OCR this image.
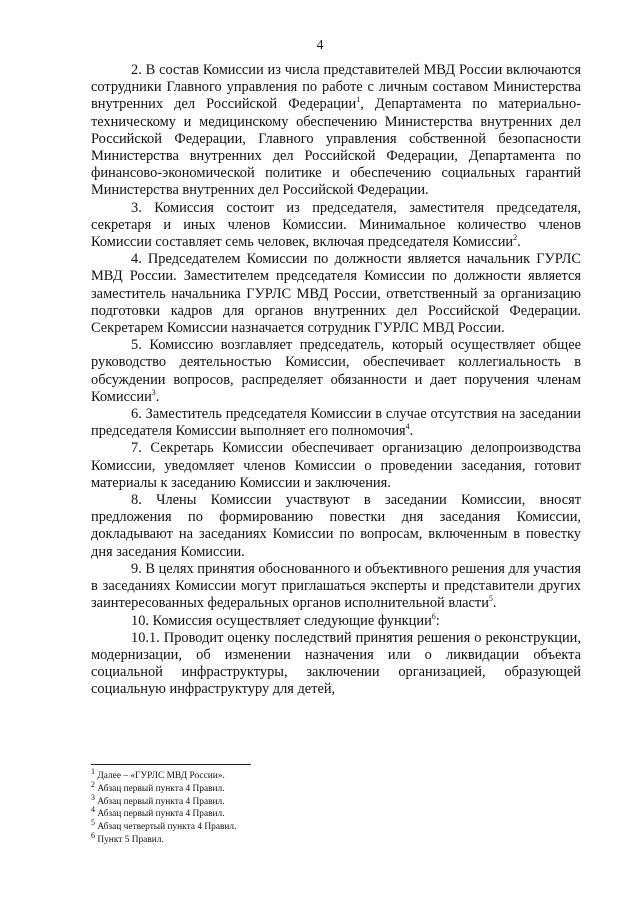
4

2. В состав Комиссии из числа представителей МВД России включаются сотрудники Главного управления по работе с личным составом Министерства внутренних дел Российской Федерации$^1$, Департамента по материально-техническому и медицинскому обеспечению Министерства внутренних дел Российской Федерации, Главного управления собственной безопасности Министерства внутренних дел Российской Федерации, Департамента по финансово-экономической политике и обеспечению социальных гарантий Министерства внутренних дел Российской Федерации.

3. Комиссия состоит из председателя, заместителя председателя, секретаря и иных членов Комиссии. Минимальное количество членов Комиссии составляет семь человек, включая председателя Комиссии$^2$.

4. Председателем Комиссии по должности является начальник ГУРЛС МВД России. Заместителем председателя Комиссии по должности является заместитель начальника ГУРЛС МВД России, ответственный за организацию подготовки кадров для органов внутренних дел Российской Федерации. Секретарем Комиссии назначается сотрудник ГУРЛС МВД России.

5. Комиссию возглавляет председатель, который осуществляет общее руководство деятельностью Комиссии, обеспечивает коллегиальность в обсуждении вопросов, распределяет обязанности и дает поручения членам Комиссии$^3$.

6. Заместитель председателя Комиссии в случае отсутствия на заседании председателя Комиссии выполняет его полномочия$^4$.

7. Секретарь Комиссии обеспечивает организацию делопроизводства Комиссии, уведомляет членов Комиссии о проведении заседания, готовит материалы к заседанию Комиссии и заключения.

8. Члены Комиссии участвуют в заседании Комиссии, вносят предложения по формированию повестки дня заседания Комиссии, докладывают на заседаниях Комиссии по вопросам, включенным в повестку дня заседания Комиссии.

9. В целях принятия обоснованного и объективного решения для участия в заседаниях Комиссии могут приглашаться эксперты и представители других заинтересованных федеральных органов исполнительной власти$^5$.

10. Комиссия осуществляет следующие функции$^6$:

10.1. Проводит оценку последствий принятия решения о реконструкции, модернизации, об изменении назначения или о ликвидации объекта социальной инфраструктуры, заключении организацией, образующей социальную инфраструктуру для детей,

$^1$ Далее – «ГУРЛС МВД России».
$^2$ Абзац первый пункта 4 Правил.
$^3$ Абзац первый пункта 4 Правил.
$^4$ Абзац первый пункта 4 Правил.
$^5$ Абзац четвертый пункта 4 Правил.
$^6$ Пункт 5 Правил.
